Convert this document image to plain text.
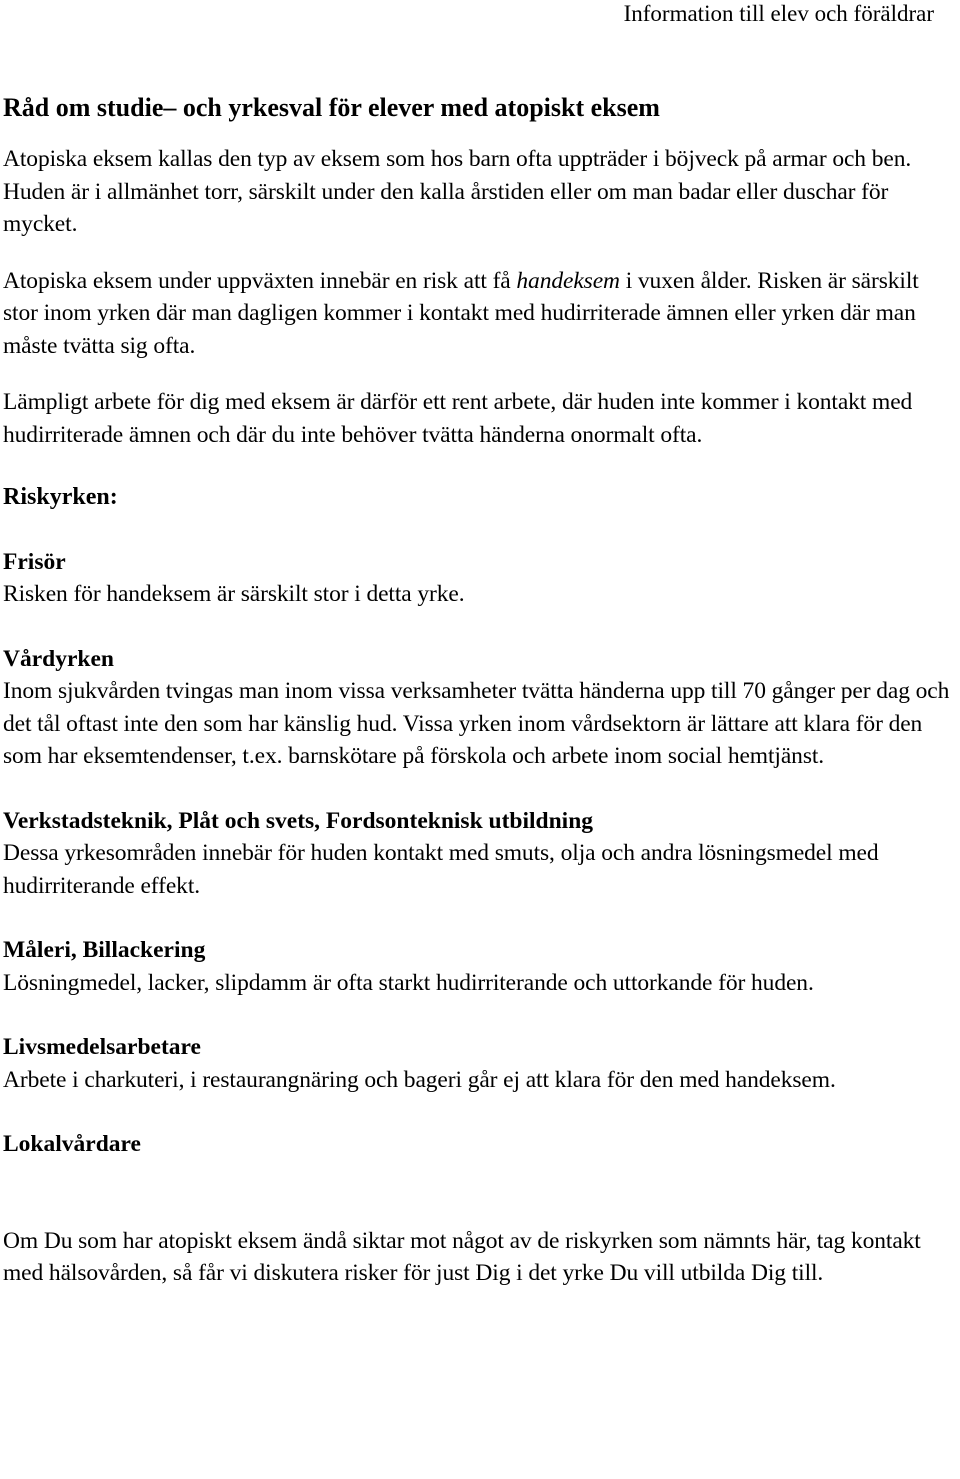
Information till elev och föräldrar
Råd om studie– och yrkesval för elever med atopiskt eksem

Atopiska eksem kallas den typ av eksem som hos barn ofta uppträder i böjveck på armar och ben. Huden är i allmänhet torr, särskilt under den kalla årstiden eller om man badar eller duschar för mycket.

Atopiska eksem under uppväxten innebär en risk att få handeksem i vuxen ålder. Risken är särskilt stor inom yrken där man dagligen kommer i kontakt med hudirriterade ämnen eller yrken där man måste tvätta sig ofta.

Lämpligt arbete för dig med eksem är därför ett rent arbete, där huden inte kommer i kontakt med hudirriterade ämnen och där du inte behöver tvätta händerna onormalt ofta.

Riskyrken:
Frisör

Risken för handeksem är särskilt stor i detta yrke.

Vårdyrken

Inom sjukvården tvingas man inom vissa verksamheter tvätta händerna upp till 70 gånger per dag och det tål oftast inte den som har känslig hud. Vissa yrken inom vårdsektorn är lättare att klara för den som har eksemtendenser, t.ex. barnskötare på förskola och arbete inom social hemtjänst.

Verkstadsteknik, Plåt och svets, Fordsonteknisk utbildning

Dessa yrkesområden innebär för huden kontakt med smuts, olja och andra lösningsmedel med hudirriterande effekt.

Måleri, Billackering

Lösningmedel, lacker, slipdamm är ofta starkt hudirriterande och uttorkande för huden.

Livsmedelsarbetare

Arbete i charkuteri, i restaurangnäring och bageri går ej att klara för den med handeksem.

Lokalvårdare

Om Du som har atopiskt eksem ändå siktar mot något av de riskyrken som nämnts här, tag kontakt med hälsovården, så får vi diskutera risker för just Dig i det yrke Du vill utbilda Dig till.
